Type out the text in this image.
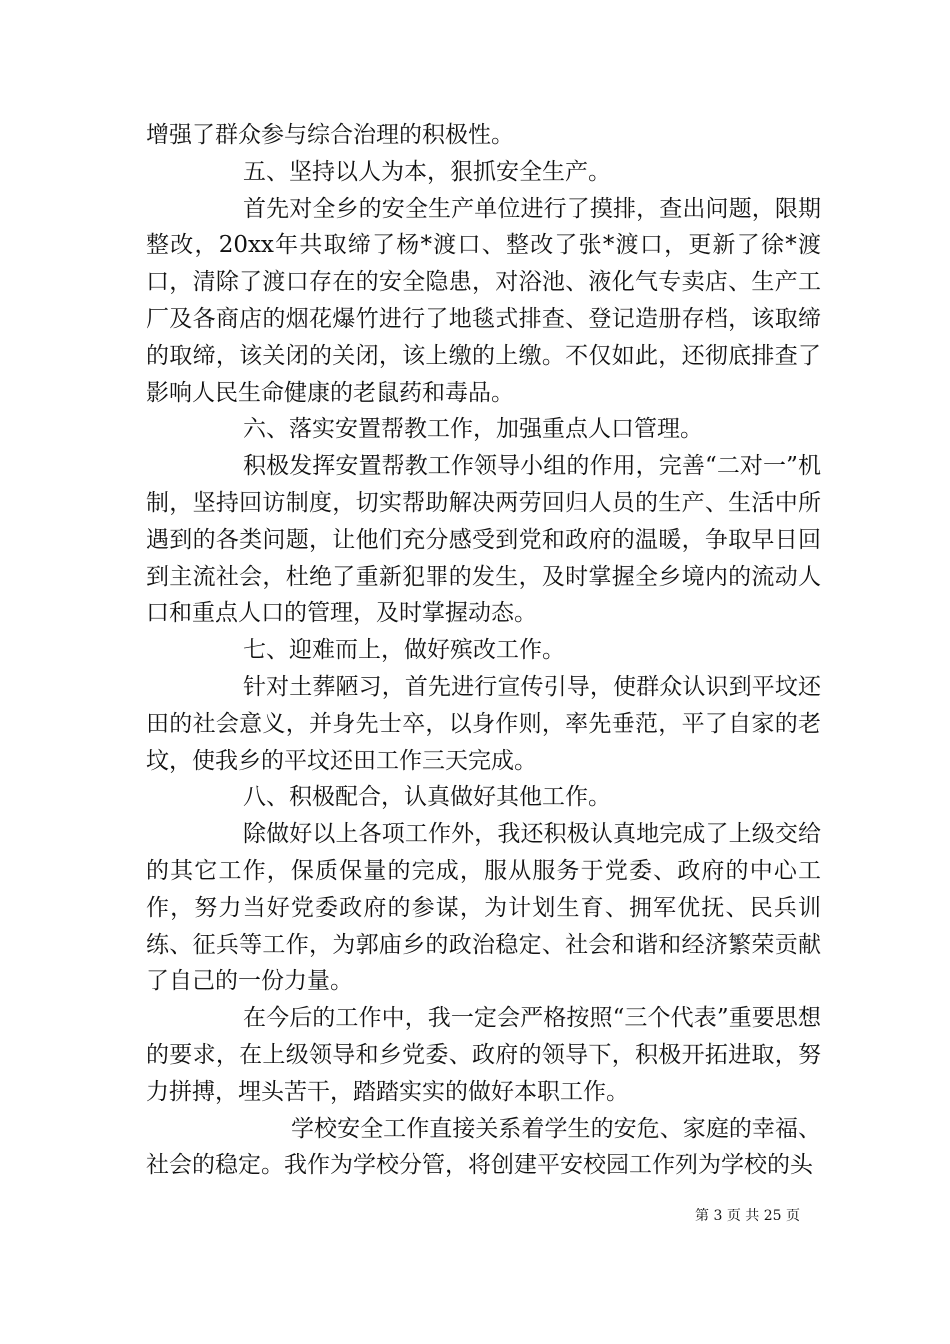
增强了群众参与综合治理的积极性。

五、坚持以人为本，狠抓安全生产。

首先对全乡的安全生产单位进行了摸排，查出问题，限期整改，20xx年共取缔了杨*渡口、整改了张*渡口，更新了徐*渡口，清除了渡口存在的安全隐患，对浴池、液化气专卖店、生产工厂及各商店的烟花爆竹进行了地毯式排查、登记造册存档，该取缔的取缔，该关闭的关闭，该上缴的上缴。不仅如此，还彻底排查了影响人民生命健康的老鼠药和毒品。

六、落实安置帮教工作，加强重点人口管理。

积极发挥安置帮教工作领导小组的作用，完善“二对一”机制，坚持回访制度，切实帮助解决两劳回归人员的生产、生活中所遇到的各类问题，让他们充分感受到党和政府的温暖，争取早日回到主流社会，杜绝了重新犯罪的发生，及时掌握全乡境内的流动人口和重点人口的管理，及时掌握动态。

七、迎难而上，做好殡改工作。

针对土葬陋习，首先进行宣传引导，使群众认识到平坟还田的社会意义，并身先士卒，以身作则，率先垂范，平了自家的老坟，使我乡的平坟还田工作三天完成。

八、积极配合，认真做好其他工作。

除做好以上各项工作外，我还积极认真地完成了上级交给的其它工作，保质保量的完成，服从服务于党委、政府的中心工作，努力当好党委政府的参谋，为计划生育、拥军优抚、民兵训练、征兵等工作，为郭庙乡的政治稳定、社会和谐和经济繁荣贡献了自己的一份力量。

在今后的工作中，我一定会严格按照“三个代表”重要思想的要求，在上级领导和乡党委、政府的领导下，积极开拓进取，努力拼搏，埋头苦干，踏踏实实的做好本职工作。

学校安全工作直接关系着学生的安危、家庭的幸福、社会的稳定。我作为学校分管，将创建平安校园工作列为学校的头

第 3 页 共 25 页
